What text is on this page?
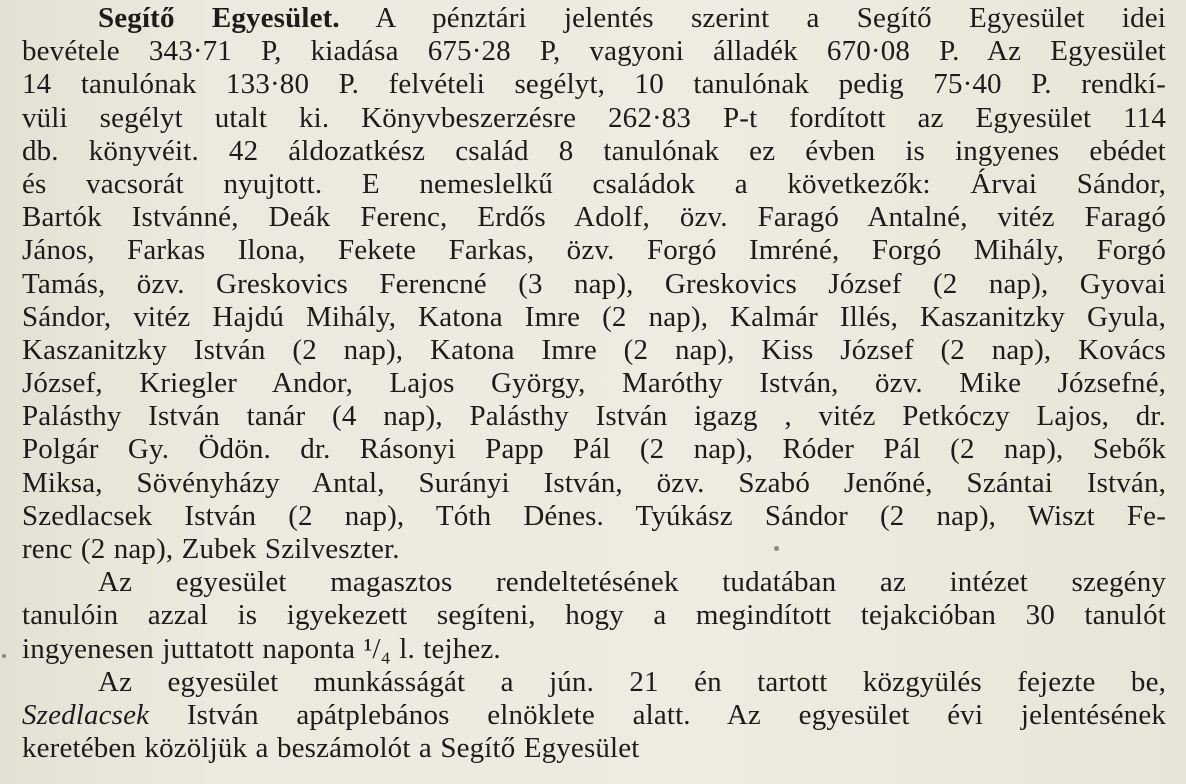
Segítő Egyesület. A pénztári jelentés szerint a Segítő Egyesület idei
bevétele 343·71 P, kiadása 675·28 P, vagyoni álladék 670·08 P. Az Egyesület
14 tanulónak 133·80 P. felvételi segélyt, 10 tanulónak pedig 75·40 P. rendkí-
vüli segélyt utalt ki. Könyvbeszerzésre 262·83 P-t fordított az Egyesület 114
db. könyvéit. 42 áldozatkész család 8 tanulónak ez évben is ingyenes ebédet
és vacsorát nyujtott. E nemeslelkű családok a következők: Árvai Sándor,
Bartók Istvánné, Deák Ferenc, Erdős Adolf, özv. Faragó Antalné, vitéz Faragó
János, Farkas Ilona, Fekete Farkas, özv. Forgó Imréné, Forgó Mihály, Forgó
Tamás, özv. Greskovics Ferencné (3 nap), Greskovics József (2 nap), Gyovai
Sándor, vitéz Hajdú Mihály, Katona Imre (2 nap), Kalmár Illés, Kaszanitzky Gyula,
Kaszanitzky István (2 nap), Katona Imre (2 nap), Kiss József (2 nap), Kovács
József, Kriegler Andor, Lajos György, Maróthy István, özv. Mike Józsefné,
Palásthy István tanár (4 nap), Palásthy István igazg , vitéz Petkóczy Lajos, dr.
Polgár Gy. Ödön. dr. Rásonyi Papp Pál (2 nap), Róder Pál (2 nap), Sebők
Miksa, Sövényházy Antal, Surányi István, özv. Szabó Jenőné, Szántai István,
Szedlacsek István (2 nap), Tóth Dénes. Tyúkász Sándor (2 nap), Wiszt Fe-
renc (2 nap), Zubek Szilveszter.
Az egyesület magasztos rendeltetésének tudatában az intézet szegény
tanulóin azzal is igyekezett segíteni, hogy a megindított tejakcióban 30 tanulót
ingyenesen juttatott naponta ¹/₄ l. tejhez.
Az egyesület munkásságát a jún. 21 én tartott közgyülés fejezte be,
Szedlacsek István apátplebános elnöklete alatt. Az egyesület évi jelentésének
keretében közöljük a beszámolót a Segítő Egyesület
